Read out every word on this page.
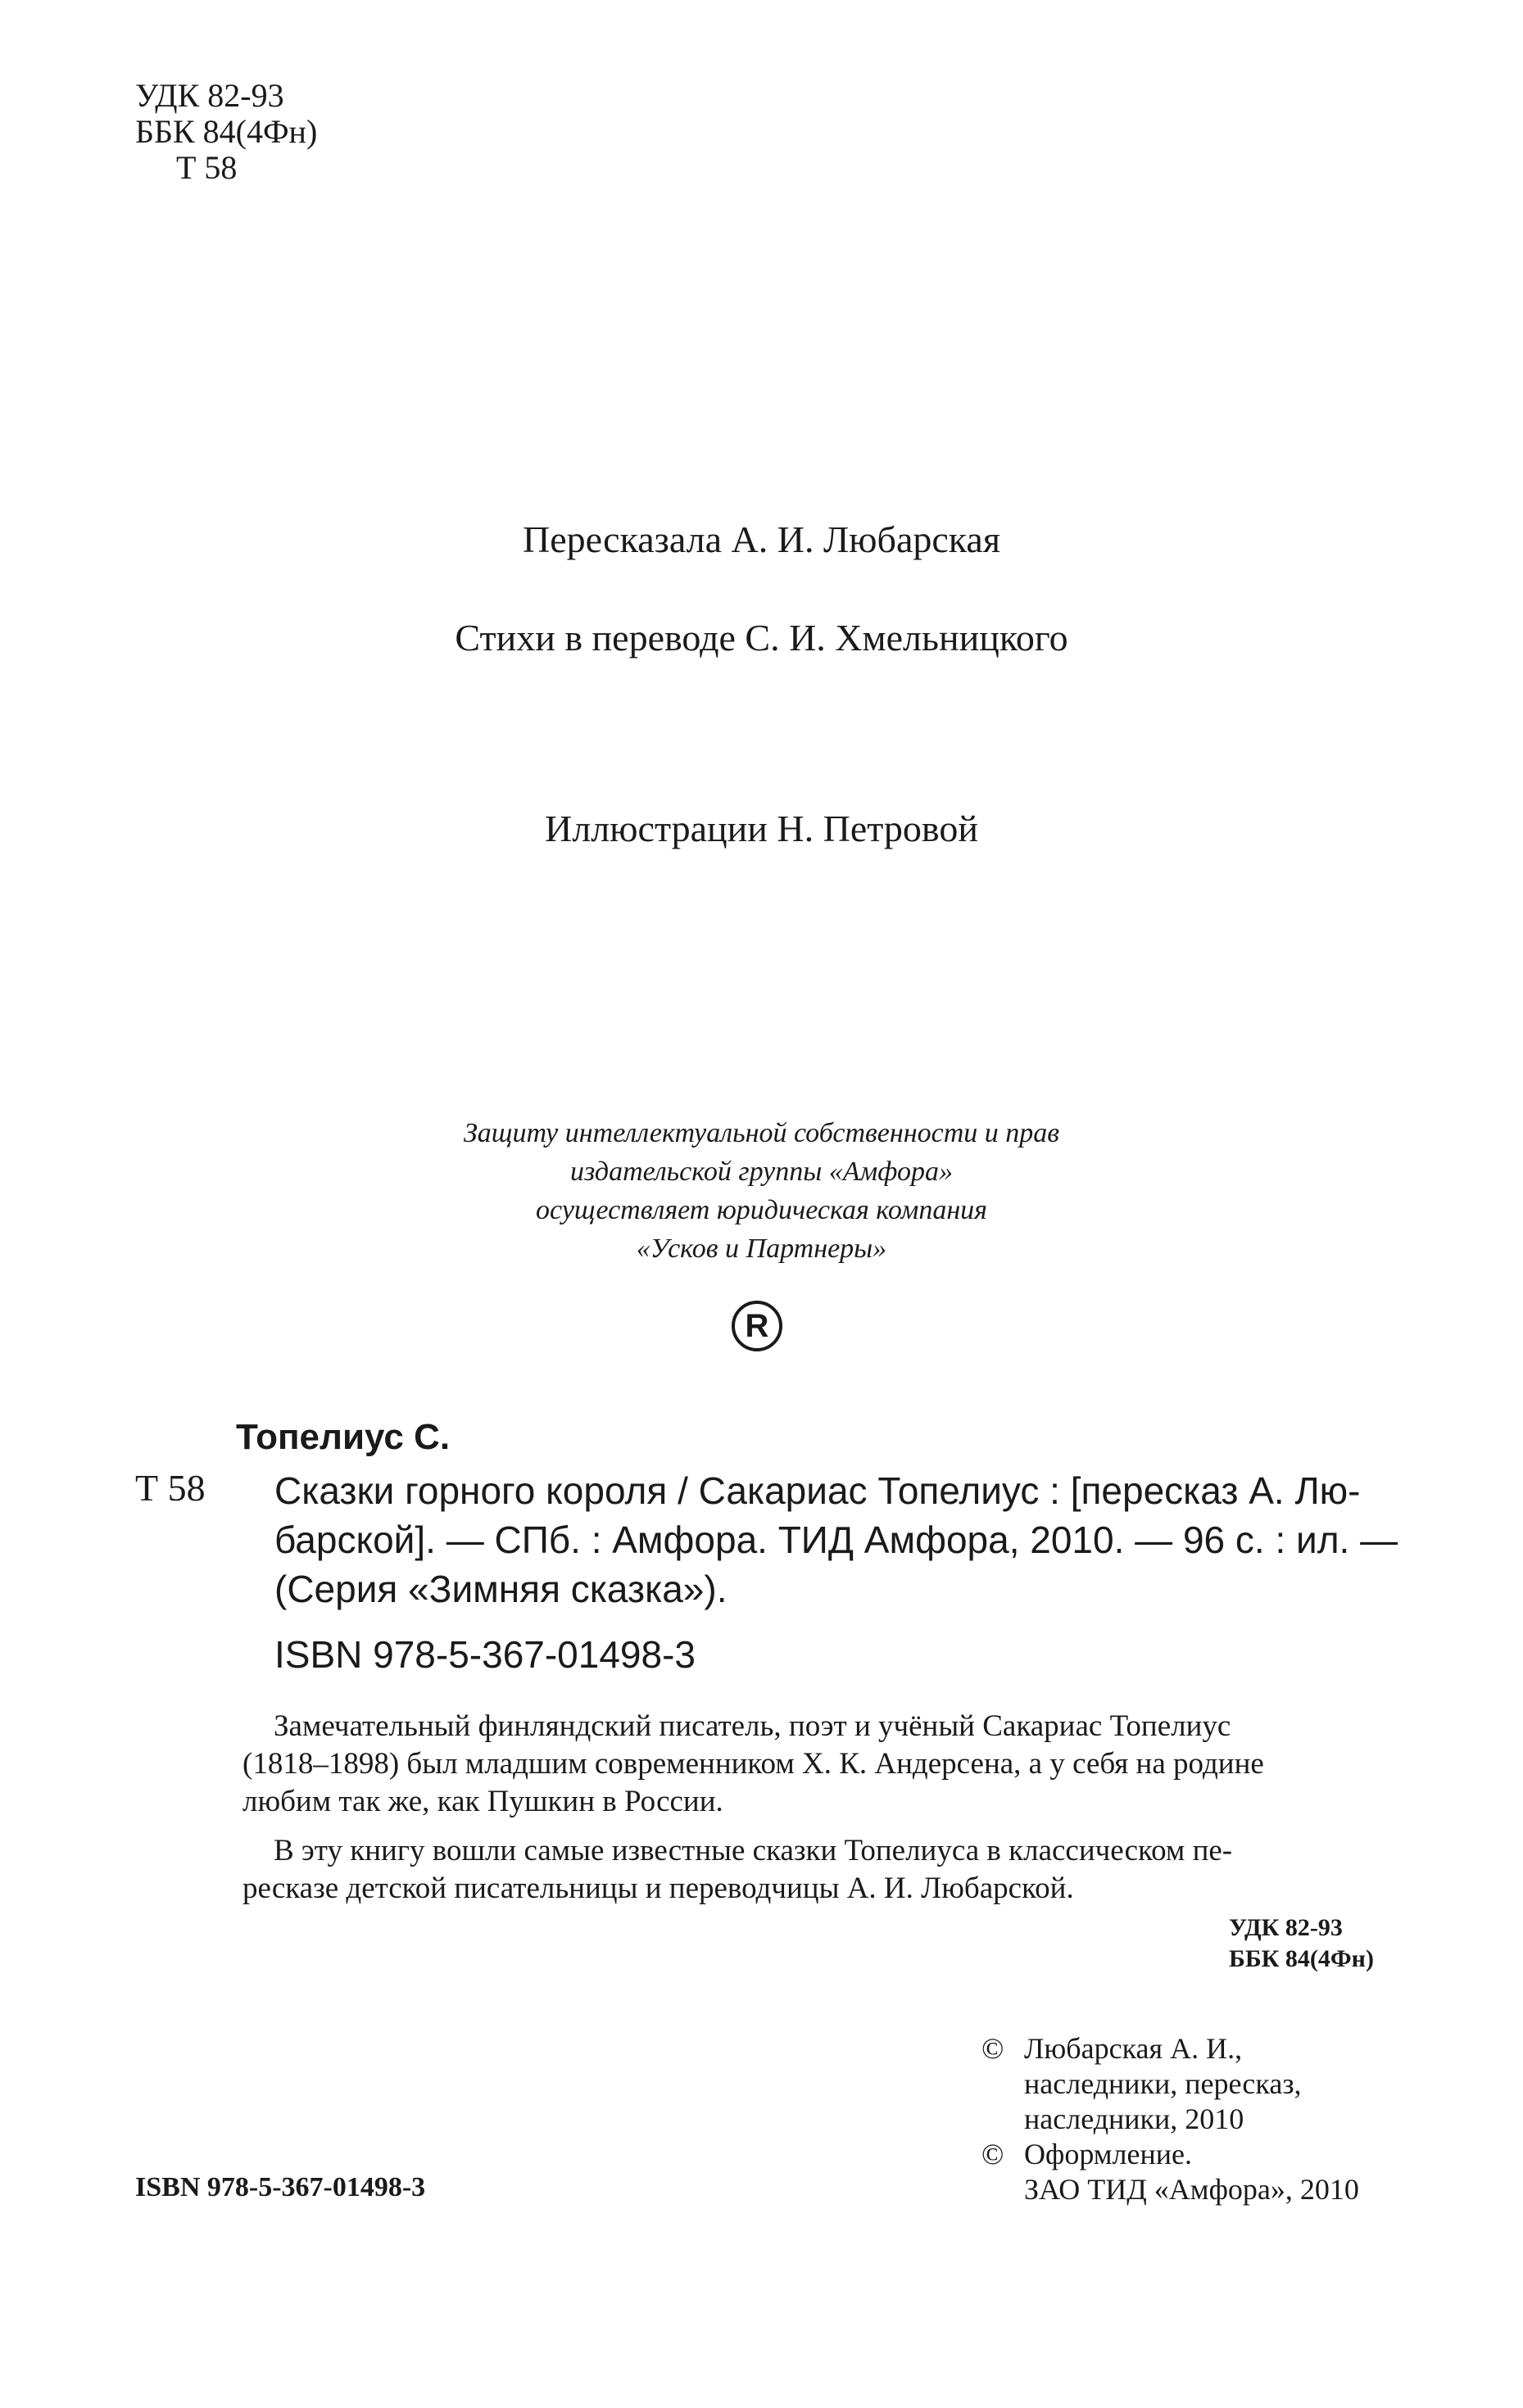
УДК 82-93
ББК 84(4Фн)
Т 58
Пересказала А. И. Любарская
Стихи в переводе С. И. Хмельницкого
Иллюстрации Н. Петровой
Защиту интеллектуальной собственности и прав
издательской группы «Амфора»
осуществляет юридическая компания
«Усков и Партнеры»
R
Топелиус С.
Т 58 Сказки горного короля / Сакариас Топелиус : [пересказ А. Лю-
барской]. — СПб. : Амфора. ТИД Амфора, 2010. — 96 с. : ил. —
(Серия «Зимняя сказка»).
ISBN 978-5-367-01498-3
Замечательный финляндский писатель, поэт и учёный Сакариас Топелиус
(1818–1898) был младшим современником Х. К. Андерсена, а у себя на родине
любим так же, как Пушкин в России.
В эту книгу вошли самые известные сказки Топелиуса в классическом пе-
ресказе детской писательницы и переводчицы А. И. Любарской.
УДК 82-93
ББК 84(4Фн)
© Любарская А. И.,
наследники, пересказ,
наследники, 2010
© Оформление.
ЗАО ТИД «Амфора», 2010
ISBN 978-5-367-01498-3
